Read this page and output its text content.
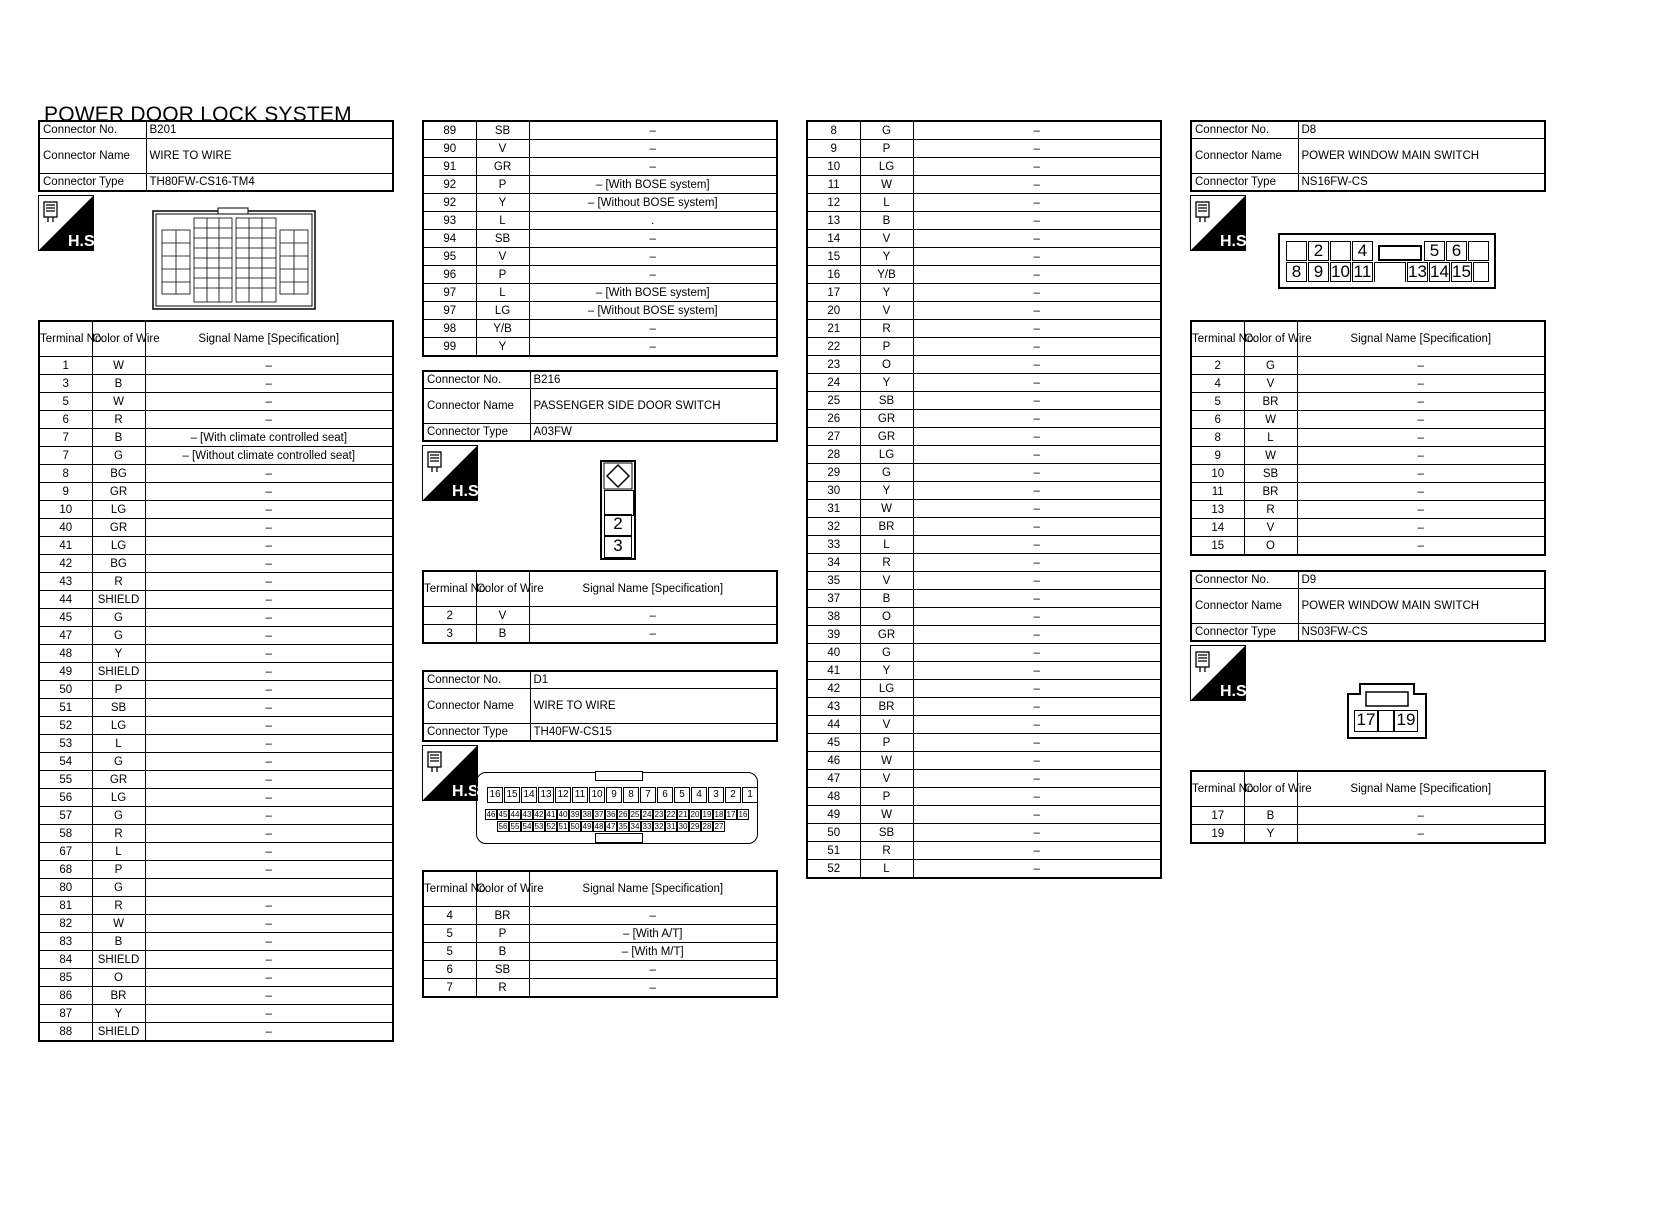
POWER DOOR LOCK SYSTEM
Connector No.	B201
Connector Name	WIRE TO WIRE
Connector Type	TH80FW-CS16-TM4
H.S.
Terminal No.	Color of Wire	Signal Name [Specification]
1	W	–
3	B	–
5	W	–
6	R	–
7	B	– [With climate controlled seat]
7	G	– [Without climate controlled seat]
8	BG	–
9	GR	–
10	LG	–
40	GR	–
41	LG	–
42	BG	–
43	R	–
44	SHIELD	–
45	G	–
47	G	–
48	Y	–
49	SHIELD	–
50	P	–
51	SB	–
52	LG	–
53	L	–
54	G	–
55	GR	–
56	LG	–
57	G	–
58	R	–
67	L	–
68	P	–
80	G	
81	R	–
82	W	–
83	B	–
84	SHIELD	–
85	O	–
86	BR	–
87	Y	–
88	SHIELD	–
89	SB	–
90	V	–
91	GR	–
92	P	– [With BOSE system]
92	Y	– [Without BOSE system]
93	L	.
94	SB	–
95	V	–
96	P	–
97	L	– [With BOSE system]
97	LG	– [Without BOSE system]
98	Y/B	–
99	Y	–
Connector No.	B216
Connector Name	PASSENGER SIDE DOOR SWITCH
Connector Type	A03FW
H.S.
2
3
Terminal No.	Color of Wire	Signal Name [Specification]
2	V	–
3	B	–
Connector No.	D1
Connector Name	WIRE TO WIRE
Connector Type	TH40FW-CS15
H.S. 16 15 14 13 12 11 10 9	8	7	6	5	4	3	2	1
46 45 44 43 42 41 40 39 38 37 36 26 25 24 23 22 21 20 19 18 17 16
56 55 54 53 52 51 50 49 48 47 35 34 33 32 31 30 29 28 27
Terminal No.	Color of Wire	Signal Name [Specification]
4	BR	–
5	P	– [With A/T]
5	B	– [With M/T]
6	SB	–
7	R	–
8	G	–
9	P	–
10	LG	–
11	W	–
12	L	–
13	B	–
14	V	–
15	Y	–
16	Y/B	–
17	Y	–
20	V	–
21	R	–
22	P	–
23	O	–
24	Y	–
25	SB	–
26	GR	–
27	GR	–
28	LG	–
29	G	–
30	Y	–
31	W	–
32	BR	–
33	L	–
34	R	–
35	V	–
37	B	–
38	O	–
39	GR	–
40	G	–
41	Y	–
42	LG	–
43	BR	–
44	V	–
45	P	–
46	W	–
47	V	–
48	P	–
49	W	–
50	SB	–
51	R	–
52	L	–
Connector No.	D8
Connector Name	POWER WINDOW MAIN SWITCH
Connector Type	NS16FW-CS
H.S.	2	4	5 6
8 9 10 11 13 14 15
Terminal No.	Color of Wire	Signal Name [Specification]
2	G	–
4	V	–
5	BR	–
6	W	–
8	L	–
9	W	–
10	SB	–
11	BR	–
13	R	–
14	V	–
15	O	–
Connector No.	D9
Connector Name	POWER WINDOW MAIN SWITCH
Connector Type	NS03FW-CS
H.S.
17 19
Terminal No.	Color of Wire	Signal Name [Specification]
17	B	–
19	Y	–
